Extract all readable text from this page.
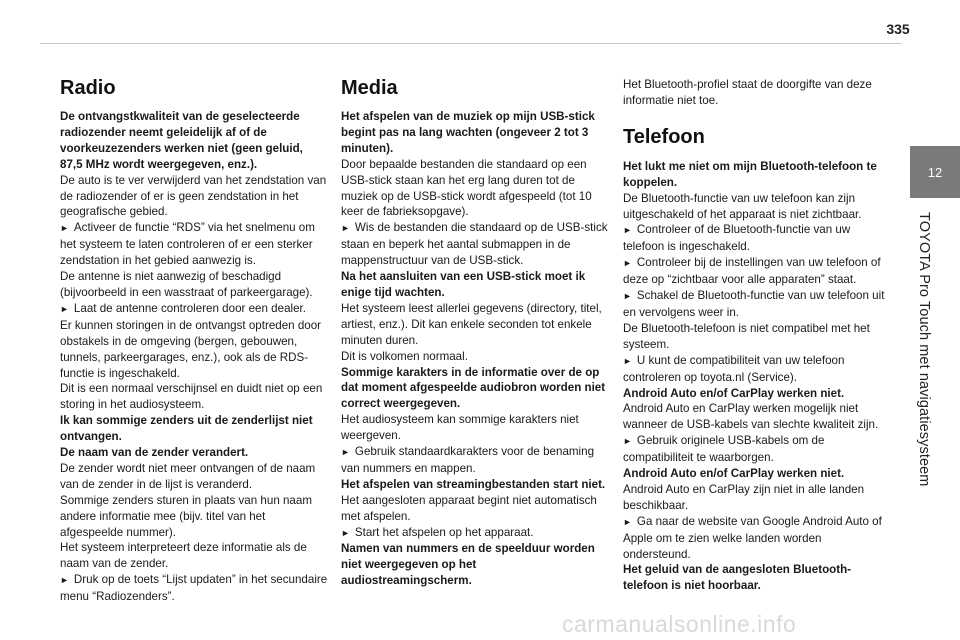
335
12
TOYOTA Pro Touch met navigatiesysteem
Radio

De ontvangstkwaliteit van de geselecteerde radiozender neemt geleidelijk af of de voorkeuzezenders werken niet (geen geluid, 87,5 MHz wordt weergegeven, enz.).

De auto is te ver verwijderd van het zendstation van de radiozender of er is geen zendstation in het geografische gebied.

►  Activeer de functie “RDS” via het snelmenu om het systeem te laten controleren of er een sterker zendstation in het gebied aanwezig is.

De antenne is niet aanwezig of beschadigd (bijvoorbeeld in een wasstraat of parkeergarage).

►  Laat de antenne controleren door een dealer.

Er kunnen storingen in de ontvangst optreden door obstakels in de omgeving (bergen, gebouwen, tunnels, parkeergarages, enz.), ook als de RDS-functie is ingeschakeld.

Dit is een normaal verschijnsel en duidt niet op een storing in het audiosysteem.

Ik kan sommige zenders uit de zenderlijst niet ontvangen.

De naam van de zender verandert.

De zender wordt niet meer ontvangen of de naam van de zender in de lijst is veranderd.

Sommige zenders sturen in plaats van hun naam andere informatie mee (bijv. titel van het afgespeelde nummer).

Het systeem interpreteert deze informatie als de naam van de zender.

►  Druk op de toets “Lijst updaten” in het secundaire menu “Radiozenders”.

Media

Het afspelen van de muziek op mijn USB-stick begint pas na lang wachten (ongeveer 2 tot 3 minuten).

Door bepaalde bestanden die standaard op een USB-stick staan kan het erg lang duren tot de muziek op de USB-stick wordt afgespeeld (tot 10 keer de fabrieksopgave).

►  Wis de bestanden die standaard op de USB-stick staan en beperk het aantal submappen in de mappenstructuur van de USB-stick.

Na het aansluiten van een USB-stick moet ik enige tijd wachten.

Het systeem leest allerlei gegevens (directory, titel, artiest, enz.). Dit kan enkele seconden tot enkele minuten duren.

Dit is volkomen normaal.

Sommige karakters in de informatie over de op dat moment afgespeelde audiobron worden niet correct weergegeven.

Het audiosysteem kan sommige karakters niet weergeven.

►  Gebruik standaardkarakters voor de benaming van nummers en mappen.

Het afspelen van streamingbestanden start niet.

Het aangesloten apparaat begint niet automatisch met afspelen.

►  Start het afspelen op het apparaat.

Namen van nummers en de speelduur worden niet weergegeven op het audiostreamingscherm.

Het Bluetooth-profiel staat de doorgifte van deze informatie niet toe.

Telefoon

Het lukt me niet om mijn Bluetooth-telefoon te koppelen.

De Bluetooth-functie van uw telefoon kan zijn uitgeschakeld of het apparaat is niet zichtbaar.

►  Controleer of de Bluetooth-functie van uw telefoon is ingeschakeld.

►  Controleer bij de instellingen van uw telefoon of deze op “zichtbaar voor alle apparaten” staat.

►  Schakel de Bluetooth-functie van uw telefoon uit en vervolgens weer in.

De Bluetooth-telefoon is niet compatibel met het systeem.

►  U kunt de compatibiliteit van uw telefoon controleren op toyota.nl (Service).

Android Auto en/of CarPlay werken niet.

Android Auto en CarPlay werken mogelijk niet wanneer de USB-kabels van slechte kwaliteit zijn.

►  Gebruik originele USB-kabels om de compatibiliteit te waarborgen.

Android Auto en/of CarPlay werken niet.

Android Auto en CarPlay zijn niet in alle landen beschikbaar.

►  Ga naar de website van Google Android Auto of Apple om te zien welke landen worden ondersteund.

Het geluid van de aangesloten Bluetooth-telefoon is niet hoorbaar.

carmanualsonline.info
